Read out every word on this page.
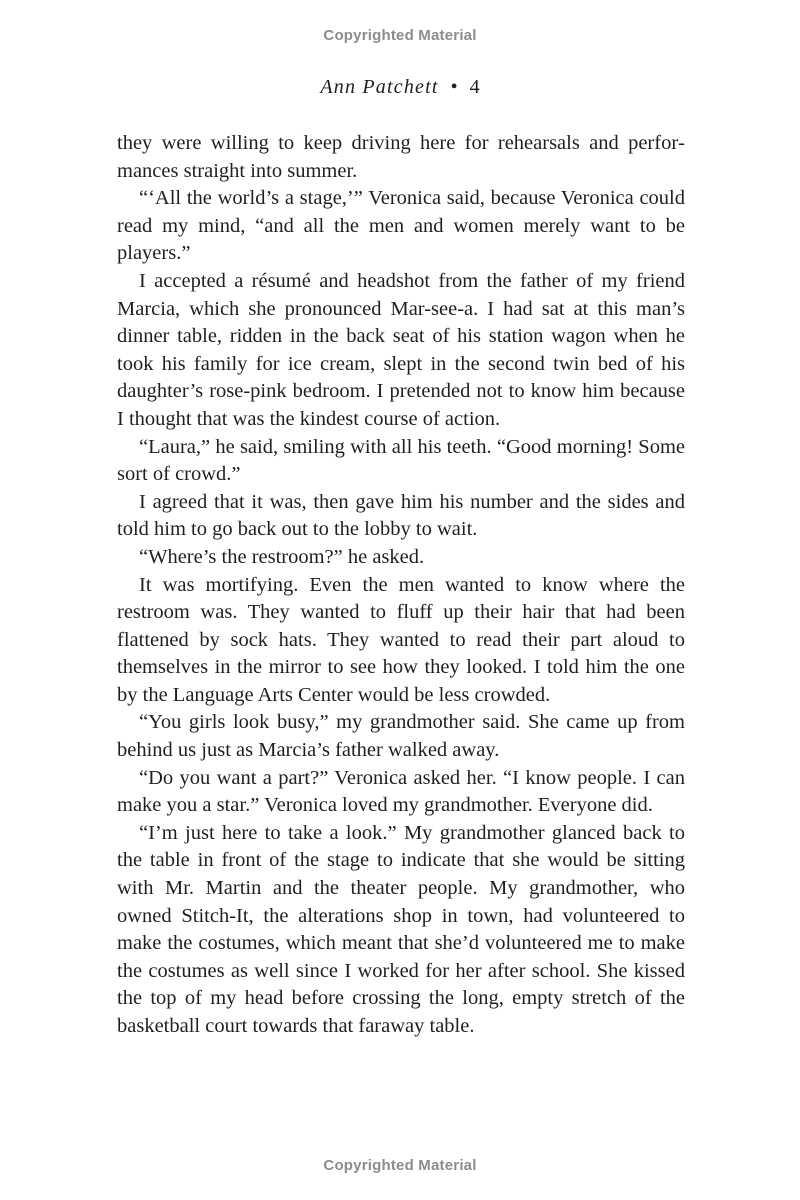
Copyrighted Material
Ann Patchett • 4

they were willing to keep driving here for rehearsals and performances straight into summer.

“‘All the world’s a stage,’” Veronica said, because Veronica could read my mind, “and all the men and women merely want to be players.”

I accepted a résumé and headshot from the father of my friend Marcia, which she pronounced Mar-see-a. I had sat at this man’s dinner table, ridden in the back seat of his station wagon when he took his family for ice cream, slept in the second twin bed of his daughter’s rose-pink bedroom. I pretended not to know him because I thought that was the kindest course of action.

“Laura,” he said, smiling with all his teeth. “Good morning! Some sort of crowd.”

I agreed that it was, then gave him his number and the sides and told him to go back out to the lobby to wait.

“Where’s the restroom?” he asked.

It was mortifying. Even the men wanted to know where the restroom was. They wanted to fluff up their hair that had been flattened by sock hats. They wanted to read their part aloud to themselves in the mirror to see how they looked. I told him the one by the Language Arts Center would be less crowded.

“You girls look busy,” my grandmother said. She came up from behind us just as Marcia’s father walked away.

“Do you want a part?” Veronica asked her. “I know people. I can make you a star.” Veronica loved my grandmother. Everyone did.

“I’m just here to take a look.” My grandmother glanced back to the table in front of the stage to indicate that she would be sitting with Mr. Martin and the theater people. My grandmother, who owned Stitch-It, the alterations shop in town, had volunteered to make the costumes, which meant that she’d volunteered me to make the costumes as well since I worked for her after school. She kissed the top of my head before crossing the long, empty stretch of the basketball court towards that faraway table.

Copyrighted Material
